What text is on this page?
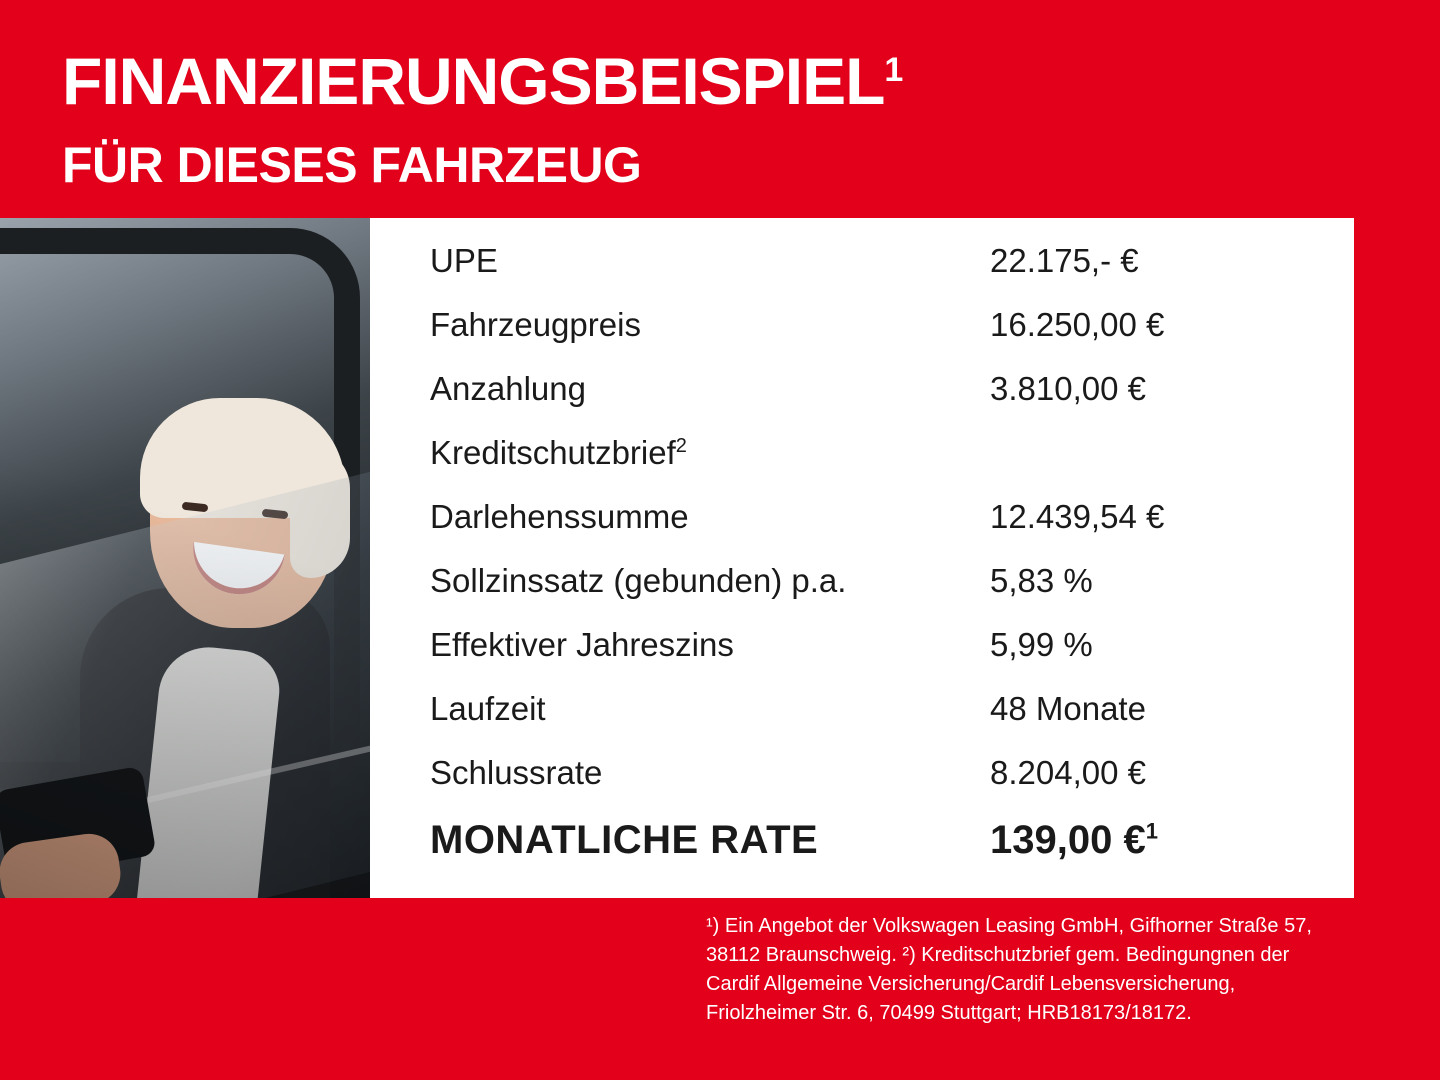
FINANZIERUNGSBEISPIEL$^1$
FÜR DIESES FAHRZEUG
UPE	22.175,- €
Fahrzeugpreis	16.250,00 €
Anzahlung	3.810,00 €
Kreditschutzbrief$^2$
Darlehenssumme	12.439,54 €
Sollzinssatz (gebunden) p.a.	5,83 %
Effektiver Jahreszins	5,99 %
Laufzeit	48 Monate
Schlussrate	8.204,00 €
MONATLICHE RATE	139,00 €$^1$
¹) Ein Angebot der Volkswagen Leasing GmbH, Gifhorner Straße 57, 38112 Braunschweig. ²) Kreditschutzbrief gem. Bedingungnen der Cardif Allgemeine Versicherung/Cardif Lebensversicherung, Friolzheimer Str. 6, 70499 Stuttgart; HRB18173/18172.
